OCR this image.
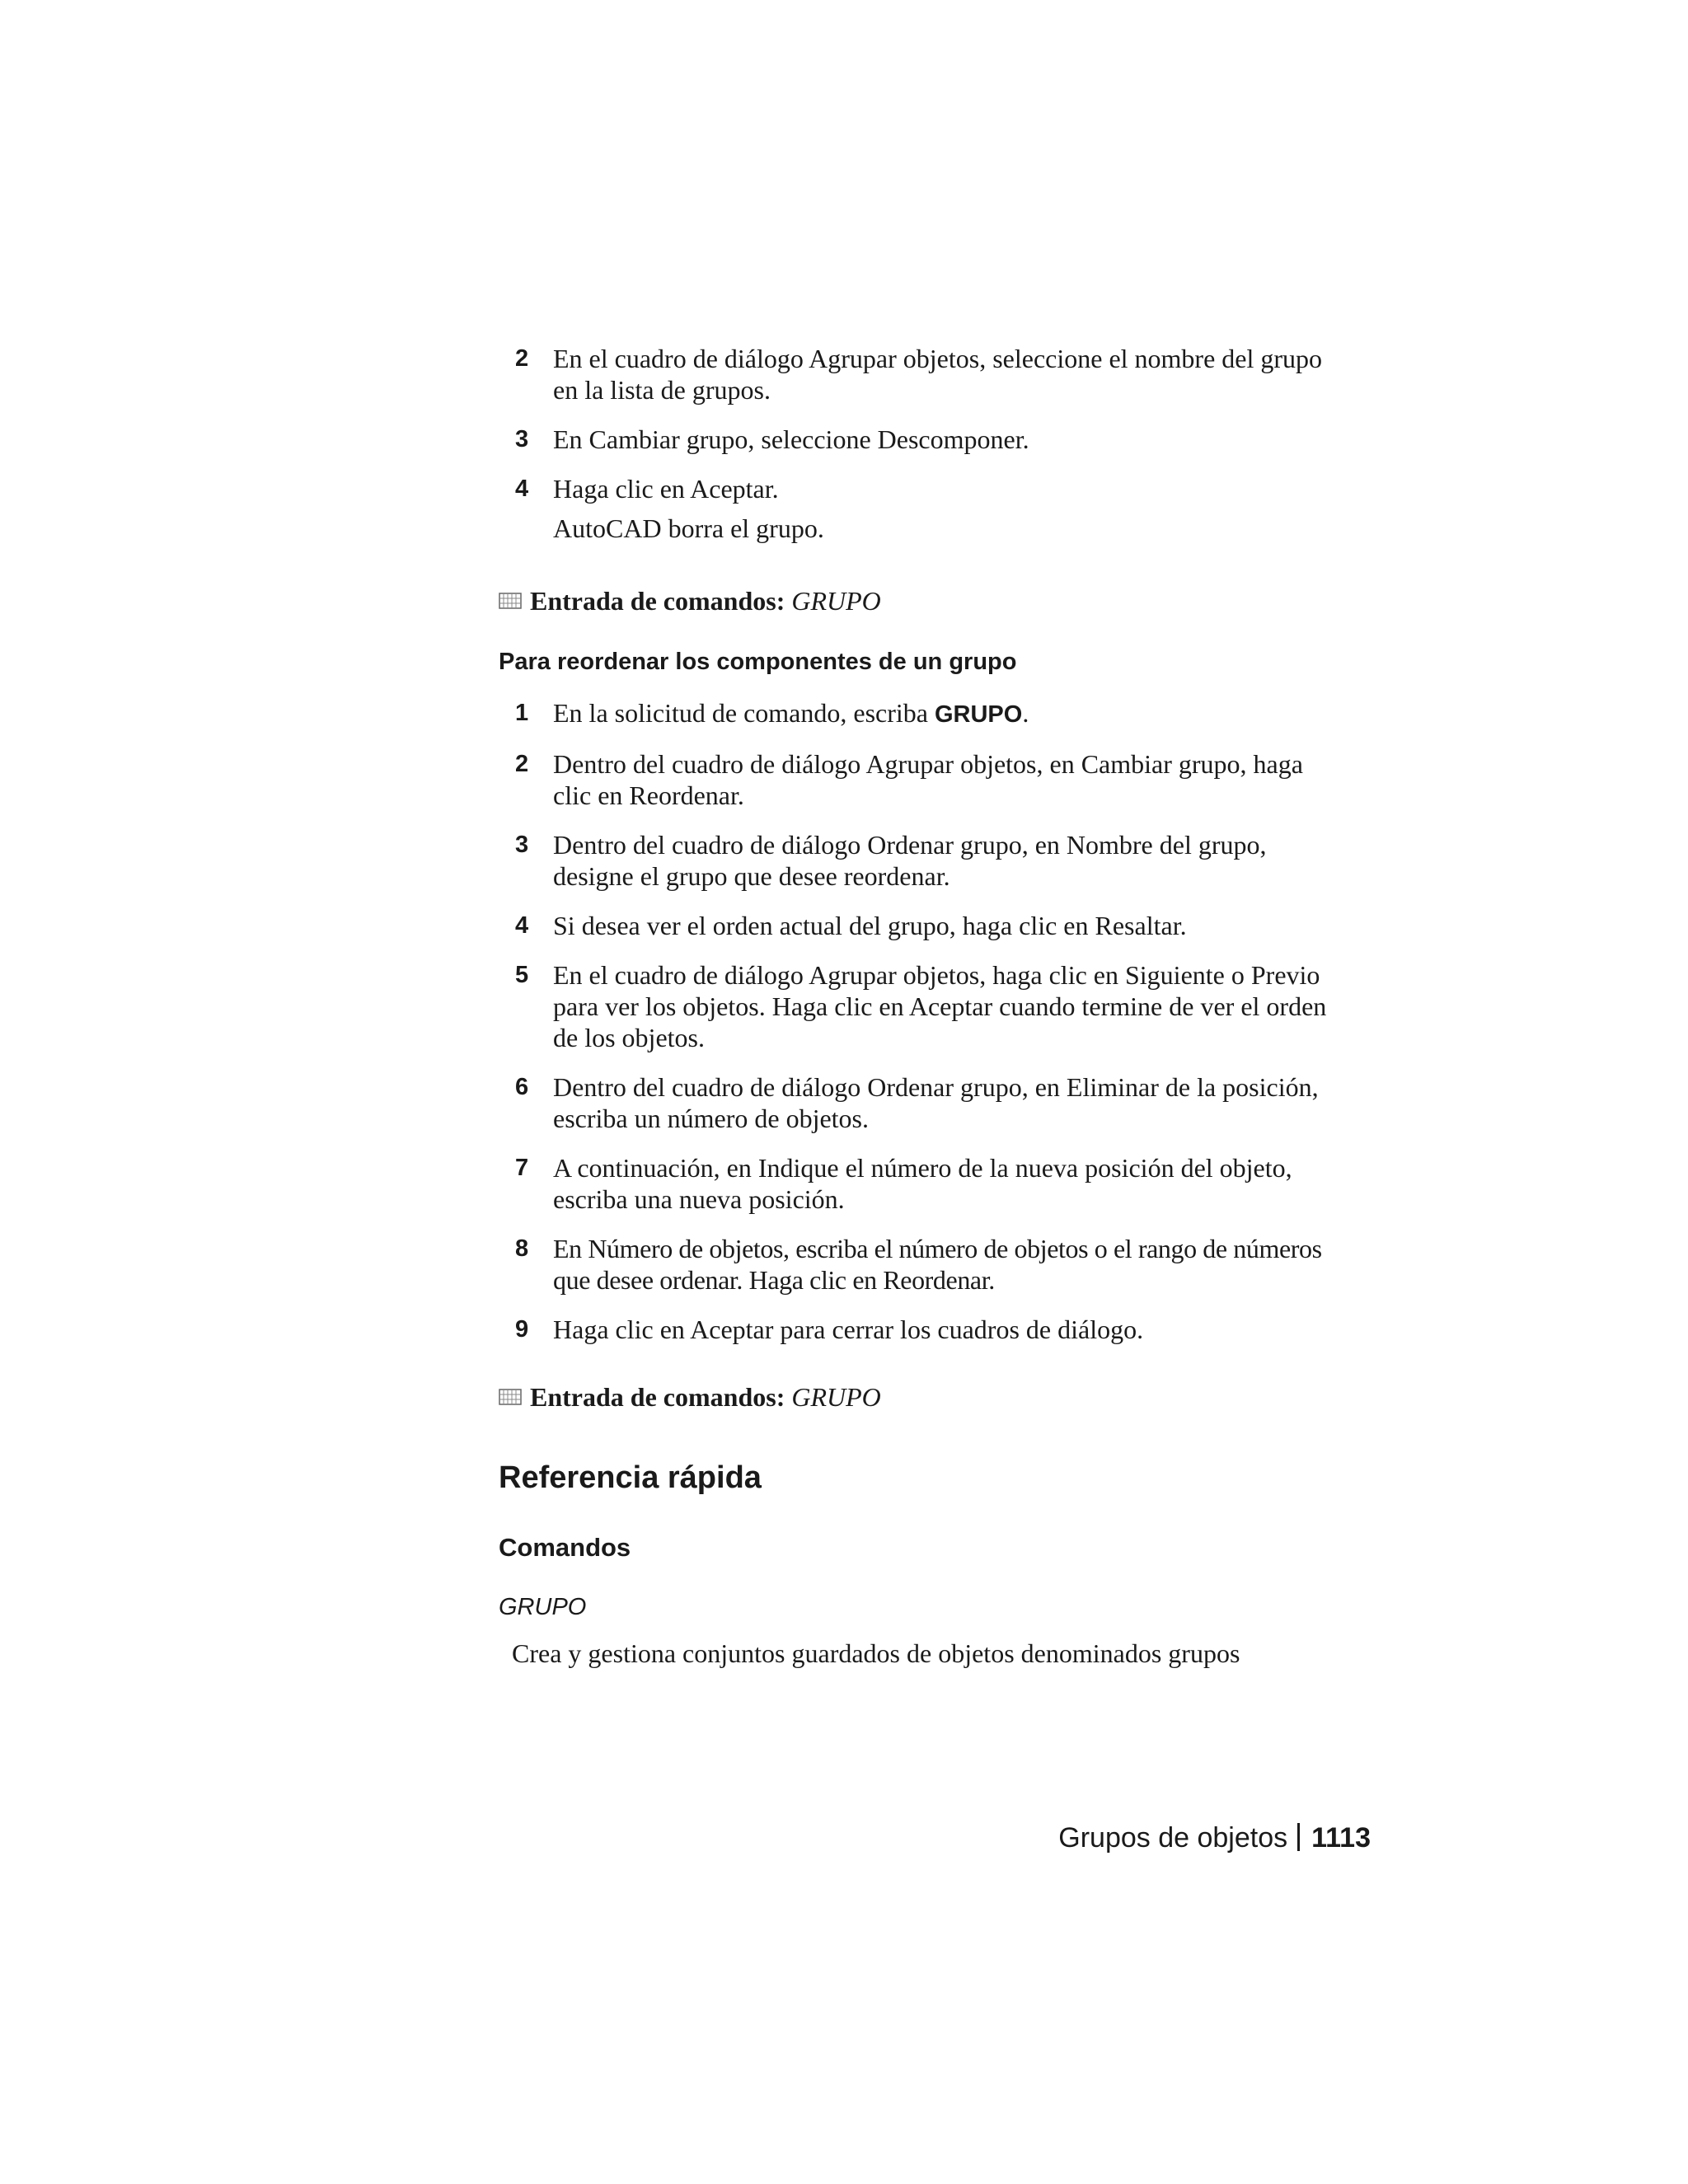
2 En el cuadro de diálogo Agrupar objetos, seleccione el nombre del grupo
en la lista de grupos.
3 En Cambiar grupo, seleccione Descomponer.
4 Haga clic en Aceptar.
AutoCAD borra el grupo.
Entrada de comandos: GRUPO
Para reordenar los componentes de un grupo
1 En la solicitud de comando, escriba GRUPO.
2 Dentro del cuadro de diálogo Agrupar objetos, en Cambiar grupo, haga
clic en Reordenar.
3 Dentro del cuadro de diálogo Ordenar grupo, en Nombre del grupo,
designe el grupo que desee reordenar.
4 Si desea ver el orden actual del grupo, haga clic en Resaltar.
5 En el cuadro de diálogo Agrupar objetos, haga clic en Siguiente o Previo
para ver los objetos. Haga clic en Aceptar cuando termine de ver el orden
de los objetos.
6 Dentro del cuadro de diálogo Ordenar grupo, en Eliminar de la posición,
escriba un número de objetos.
7 A continuación, en Indique el número de la nueva posición del objeto,
escriba una nueva posición.
8 En Número de objetos, escriba el número de objetos o el rango de números
que desee ordenar. Haga clic en Reordenar.
9 Haga clic en Aceptar para cerrar los cuadros de diálogo.
Entrada de comandos: GRUPO
Referencia rápida
Comandos
GRUPO
Crea y gestiona conjuntos guardados de objetos denominados grupos
Grupos de objetos 1113
